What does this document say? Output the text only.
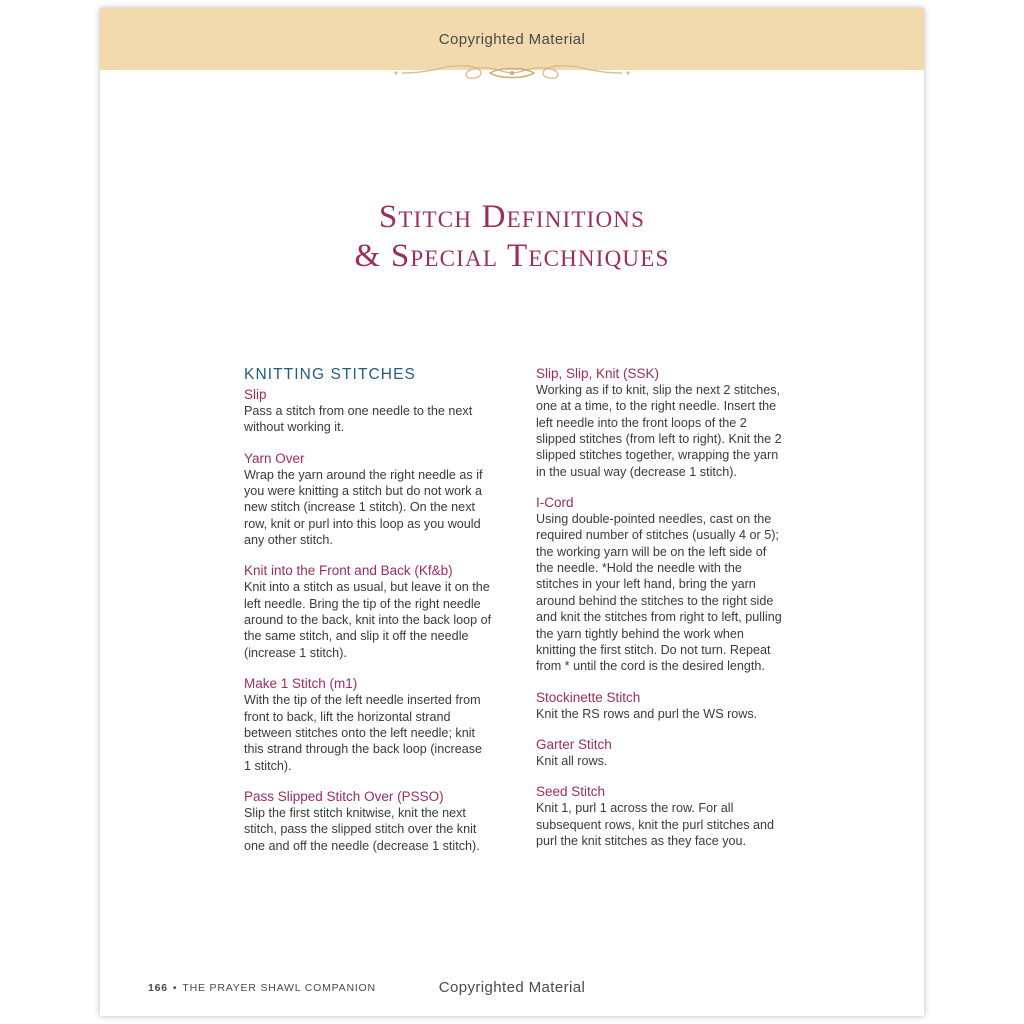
Copyrighted Material
Stitch Definitions
& Special Techniques
KNITTING STITCHES
Slip
Pass a stitch from one needle to the next without working it.
Yarn Over
Wrap the yarn around the right needle as if you were knitting a stitch but do not work a new stitch (increase 1 stitch). On the next row, knit or purl into this loop as you would any other stitch.
Knit into the Front and Back (Kf&b)
Knit into a stitch as usual, but leave it on the left needle. Bring the tip of the right needle around to the back, knit into the back loop of the same stitch, and slip it off the needle (increase 1 stitch).
Make 1 Stitch (m1)
With the tip of the left needle inserted from front to back, lift the horizontal strand between stitches onto the left needle; knit this strand through the back loop (increase 1 stitch).
Pass Slipped Stitch Over (PSSO)
Slip the first stitch knitwise, knit the next stitch, pass the slipped stitch over the knit one and off the needle (decrease 1 stitch).
Slip, Slip, Knit (SSK)
Working as if to knit, slip the next 2 stitches, one at a time, to the right needle. Insert the left needle into the front loops of the 2 slipped stitches (from left to right). Knit the 2 slipped stitches together, wrapping the yarn in the usual way (decrease 1 stitch).
I-Cord
Using double-pointed needles, cast on the required number of stitches (usually 4 or 5); the working yarn will be on the left side of the needle. *Hold the needle with the stitches in your left hand, bring the yarn around behind the stitches to the right side and knit the stitches from right to left, pulling the yarn tightly behind the work when knitting the first stitch. Do not turn. Repeat from * until the cord is the desired length.
Stockinette Stitch
Knit the RS rows and purl the WS rows.
Garter Stitch
Knit all rows.
Seed Stitch
Knit 1, purl 1 across the row. For all subsequent rows, knit the purl stitches and purl the knit stitches as they face you.
166 • THE PRAYER SHAWL COMPANION	Copyrighted Material
